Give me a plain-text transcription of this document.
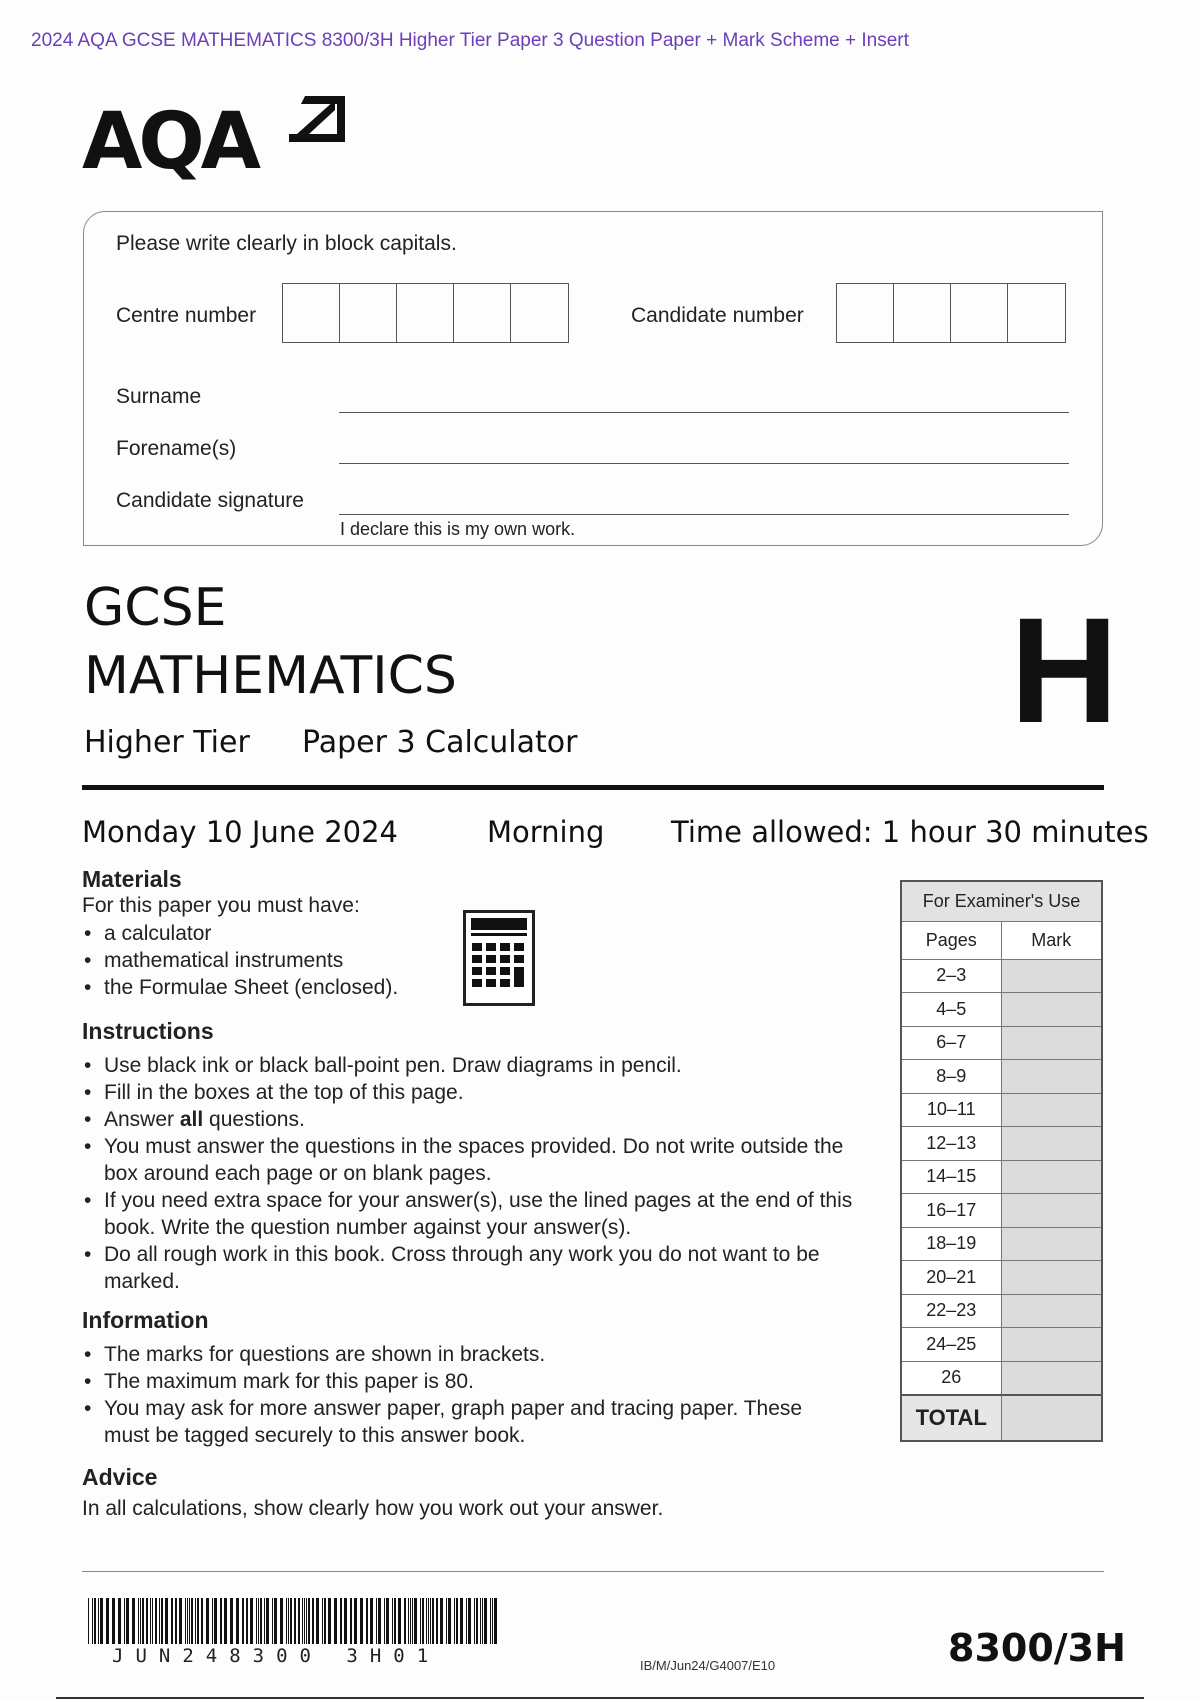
2024 AQA GCSE MATHEMATICS 8300/3H Higher Tier Paper 3 Question Paper + Mark Scheme + Insert
AQA
Please write clearly in block capitals.
Centre number	Candidate number
Surname
Forename(s)
Candidate signature
I declare this is my own work.
GCSE
MATHEMATICS
Higher Tier Paper 3 Calculator	H
Monday 10 June 2024	Morning Time allowed: 1 hour 30 minutes
Materials
For this paper you must have:
• a calculator
• mathematical instruments
• the Formulae Sheet (enclosed).
Instructions
• Use black ink or black ball-point pen. Draw diagrams in pencil.
• Fill in the boxes at the top of this page.
• Answer all questions.
• You must answer the questions in the spaces provided. Do not write outside the box around each page or on blank pages.
• If you need extra space for your answer(s), use the lined pages at the end of this book. Write the question number against your answer(s).
• Do all rough work in this book. Cross through any work you do not want to be marked.
Information
• The marks for questions are shown in brackets.
• The maximum mark for this paper is 80.
• You may ask for more answer paper, graph paper and tracing paper. These must be tagged securely to this answer book.
Advice
In all calculations, show clearly how you work out your answer.
For Examiner's Use	
Pages	Mark
2–3	
4–5	
6–7	
8–9	
10–11	
12–13	
14–15	
16–17	
18–19	
20–21	
22–23	
24–25	
26	
TOTAL	
JUN248300 3H01	IB/M/Jun24/G4007/E10	8300/3H
